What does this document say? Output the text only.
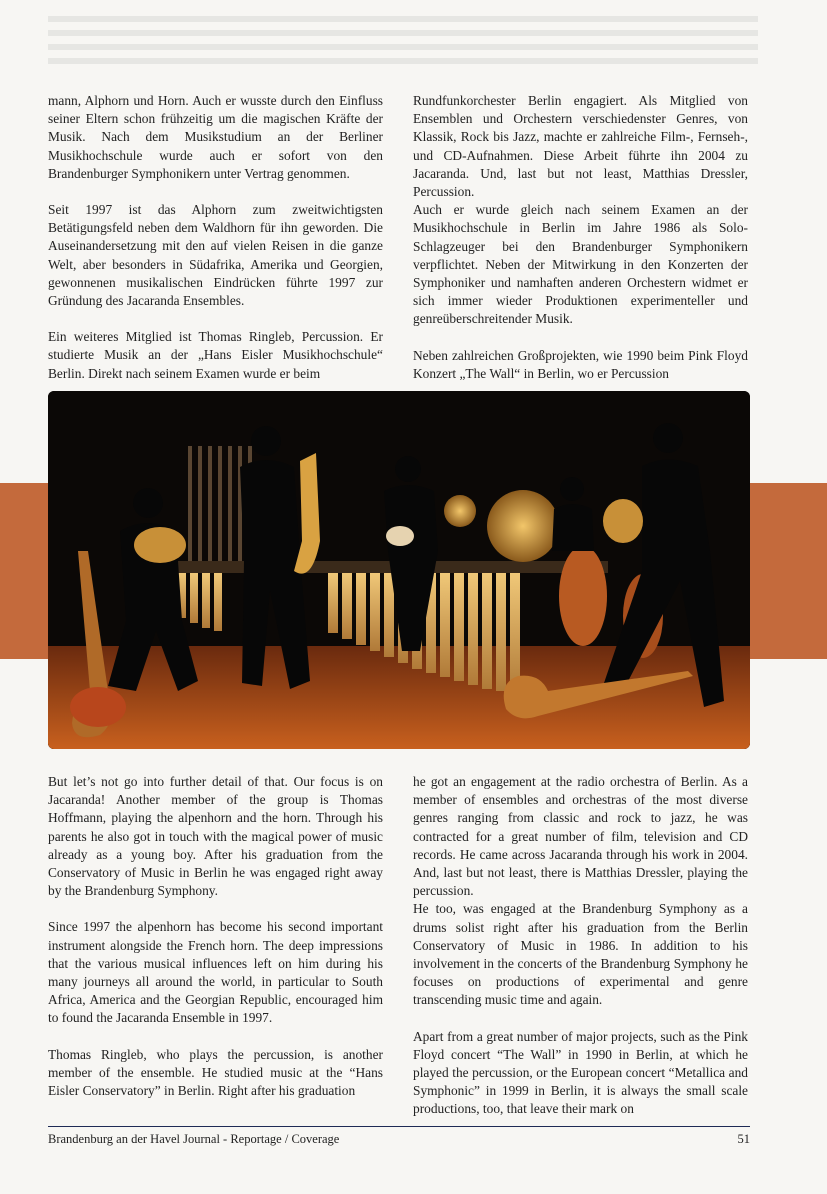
mann, Alphorn und Horn. Auch er wusste durch den Einfluss seiner Eltern schon frühzeitig um die magischen Kräfte der Musik. Nach dem Musikstudium an der Berliner Musikhochschule wurde auch er sofort von den Brandenburger Symphonikern unter Vertrag genommen.

Seit 1997 ist das Alphorn zum zweitwichtigsten Betätigungsfeld neben dem Waldhorn für ihn geworden. Die Auseinandersetzung mit den auf vielen Reisen in die ganze Welt, aber besonders in Südafrika, Amerika und Georgien, gewonnenen musikalischen Eindrücken führte 1997 zur Gründung des Jacaranda Ensembles.

Ein weiteres Mitglied ist Thomas Ringleb, Percussion. Er studierte Musik an der „Hans Eisler Musikhochschule“ Berlin. Direkt nach seinem Examen wurde er beim

Rundfunkorchester Berlin engagiert. Als Mitglied von Ensemblen und Orchestern verschiedenster Genres, von Klassik, Rock bis Jazz, machte er zahlreiche Film-, Fernseh-, und CD-Aufnahmen. Diese Arbeit führte ihn 2004 zu Jacaranda. Und, last but not least, Matthias Dressler, Percussion.

Auch er wurde gleich nach seinem Examen an der Musikhochschule in Berlin im Jahre 1986 als Solo-Schlagzeuger bei den Brandenburger Symphonikern verpflichtet. Neben der Mitwirkung in den Konzerten der Symphoniker und namhaften anderen Orchestern widmet er sich immer wieder Produktionen experimenteller und genreüberschreitender Musik.

Neben zahlreichen Großprojekten, wie 1990 beim Pink Floyd Konzert „The Wall“ in Berlin, wo er Percussion

But let’s not go into further detail of that. Our focus is on Jacaranda! Another member of the group is Thomas Hoffmann, playing the alpenhorn and the horn. Through his parents he also got in touch with the magical power of music already as a young boy. After his graduation from the Conservatory of Music in Berlin he was engaged right away by the Brandenburg Symphony.

Since 1997 the alpenhorn has become his second important instrument alongside the French horn. The deep impressions that the various musical influences left on him during his many journeys all around the world, in particular to South Africa, America and the Georgian Republic, encouraged him to found the Jacaranda Ensemble in 1997.

Thomas Ringleb, who plays the percussion, is another member of the ensemble. He studied music at the “Hans Eisler Conservatory” in Berlin. Right after his graduation

he got an engagement at the radio orchestra of Berlin. As a member of ensembles and orchestras of the most diverse genres ranging from classic and rock to jazz, he was contracted for a great number of film, television and CD records. He came across Jacaranda through his work in 2004. And, last but not least, there is Matthias Dressler, playing the percussion.

He too, was engaged at the Brandenburg Symphony as a drums solist right after his graduation from the Berlin Conservatory of Music in 1986. In addition to his involvement in the concerts of the Brandenburg Symphony he focuses on productions of experimental and genre transcending music time and again.

Apart from a great number of major projects, such as the Pink Floyd concert “The Wall” in 1990 in Berlin, at which he played the percussion, or the European concert “Metallica and Symphonic” in 1999 in Berlin, it is always the small scale productions, too, that leave their mark on

Brandenburg an der Havel Journal - Reportage / Coverage	51
